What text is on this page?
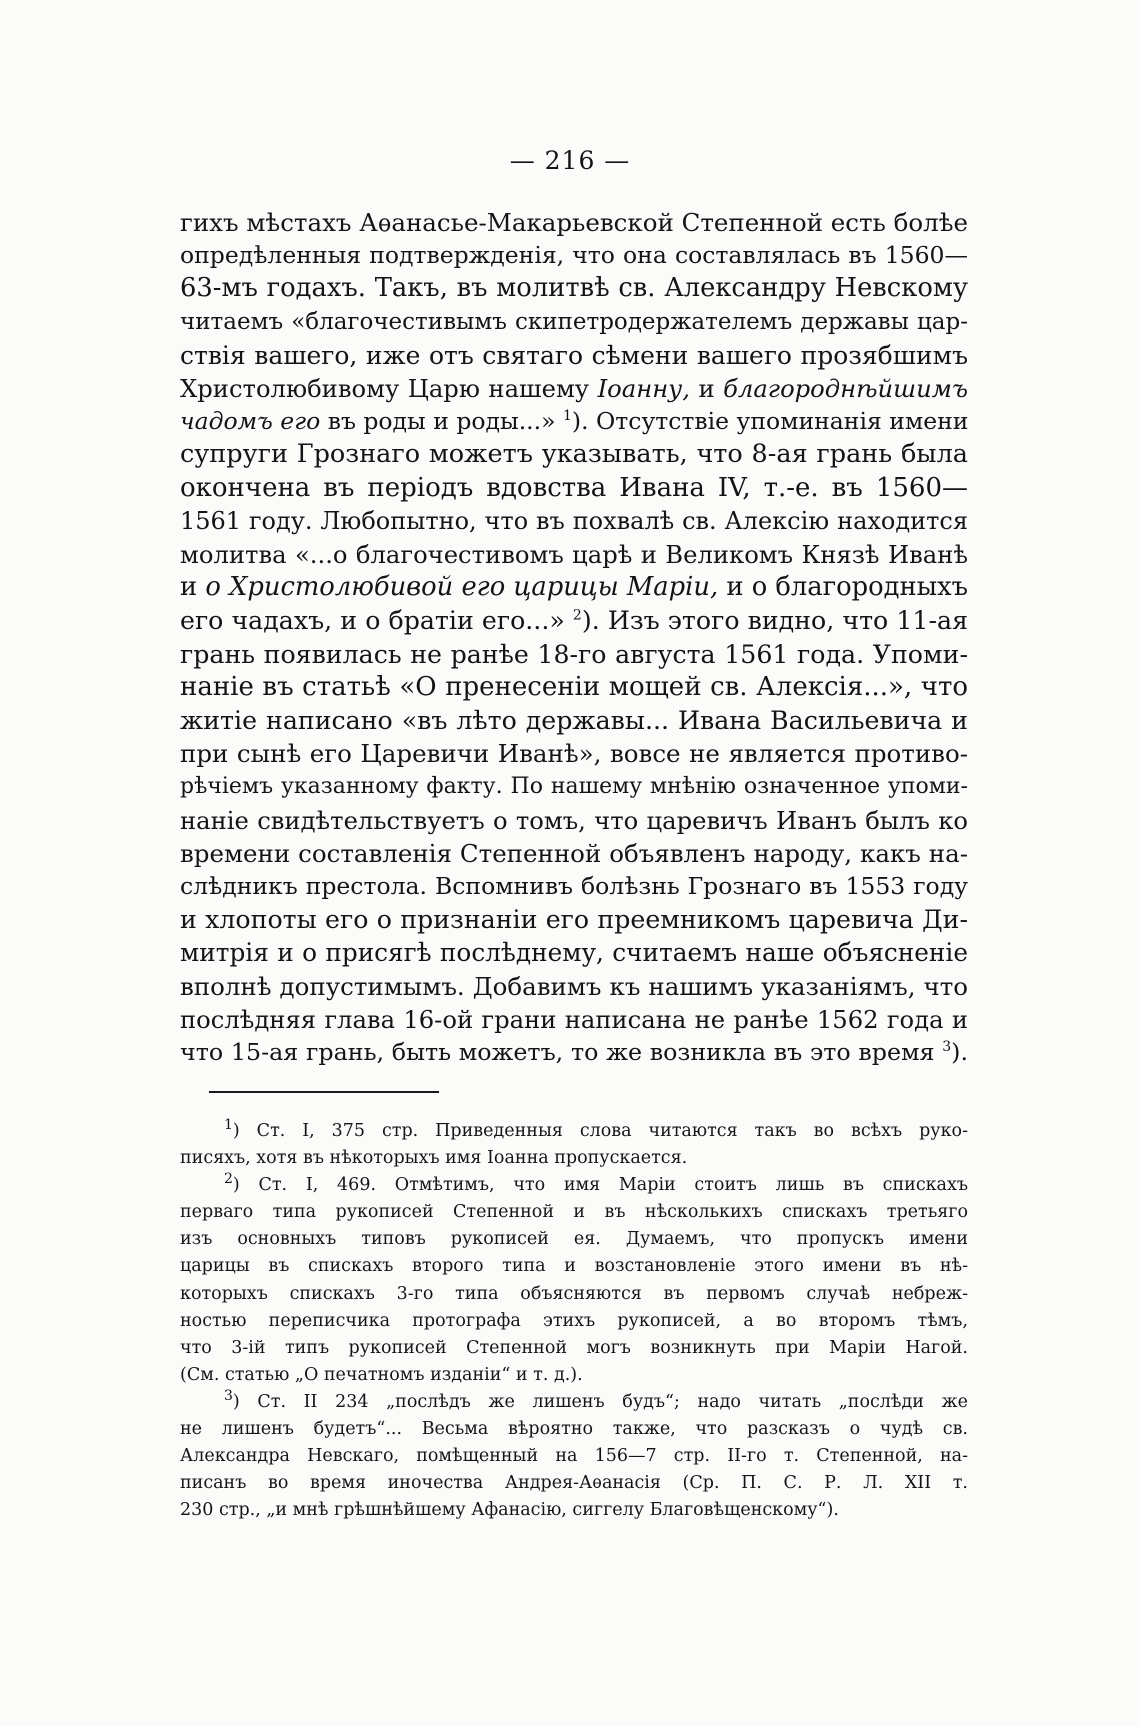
— 216 —
гихъ мѣстахъ Аѳанасье-Макарьевской Степенной есть болѣе
опредѣленныя подтвержденія, что она составлялась въ 1560—
63-мъ годахъ. Такъ, въ молитвѣ св. Александру Невскому
читаемъ «благочестивымъ скипетродержателемъ державы цар-
ствія вашего, иже отъ святаго сѣмени вашего прозябшимъ
Христолюбивому Царю нашему Іоанну, и благороднѣйшимъ
чадомъ его въ роды и роды...» $^1$). Отсутствіе упоминанія имени
супруги Грознаго можетъ указывать, что 8-ая грань была
окончена въ періодъ вдовства Ивана IV, т.-е. въ 1560—
1561 году. Любопытно, что въ похвалѣ св. Алексію находится
молитва «...о благочестивомъ царѣ и Великомъ Князѣ Иванѣ
и о Христолюбивой его царицы Маріи, и о благородныхъ
его чадахъ, и о братіи его...» $^2$). Изъ этого видно, что 11-ая
грань появилась не ранѣе 18-го августа 1561 года. Упоми-
наніе въ статьѣ «О пренесеніи мощей св. Алексія...», что
житіе написано «въ лѣто державы... Ивана Васильевича и
при сынѣ его Царевичи Иванѣ», вовсе не является противо-
рѣчіемъ указанному факту. По нашему мнѣнію означенное упоми-
наніе свидѣтельствуетъ о томъ, что царевичъ Иванъ былъ ко
времени составленія Степенной объявленъ народу, какъ на-
слѣдникъ престола. Вспомнивъ болѣзнь Грознаго въ 1553 году
и хлопоты его о признаніи его преемникомъ царевича Ди-
митрія и о присягѣ послѣднему, считаемъ наше объясненіе
вполнѣ допустимымъ. Добавимъ къ нашимъ указаніямъ, что
послѣдняя глава 16-ой грани написана не ранѣе 1562 года и
что 15-ая грань, быть можетъ, то же возникла въ это время $^3$).
$^1$) Ст. I, 375 стр. Приведенныя слова читаются такъ во всѣхъ руко-
писяхъ, хотя въ нѣкоторыхъ имя Іоанна пропускается.
$^2$) Ст. I, 469. Отмѣтимъ, что имя Маріи стоитъ лишь въ спискахъ
перваго типа рукописей Степенной и въ нѣсколькихъ спискахъ третьяго
изъ основныхъ типовъ рукописей ея. Думаемъ, что пропускъ имени
царицы въ спискахъ второго типа и возстановленіе этого имени въ нѣ-
которыхъ спискахъ 3-го типа объясняются въ первомъ случаѣ небреж-
ностью переписчика протографа этихъ рукописей, а во второмъ тѣмъ,
что 3-ій типъ рукописей Степенной могъ возникнуть при Маріи Нагой.
(См. статью „О печатномъ изданіи“ и т. д.).
$^3$) Ст. II 234 „послѣдъ же лишенъ будъ“; надо читать „послѣди же
не лишенъ будетъ“... Весьма вѣроятно также, что разсказъ о чудѣ св.
Александра Невскаго, помѣщенный на 156—7 стр. II-го т. Степенной, на-
писанъ во время иночества Андрея-Аѳанасія (Ср. П. С. Р. Л. XII т.
230 стр., „и мнѣ грѣшнѣйшему Афанасію, сиггелу Благовѣщенскому“).
